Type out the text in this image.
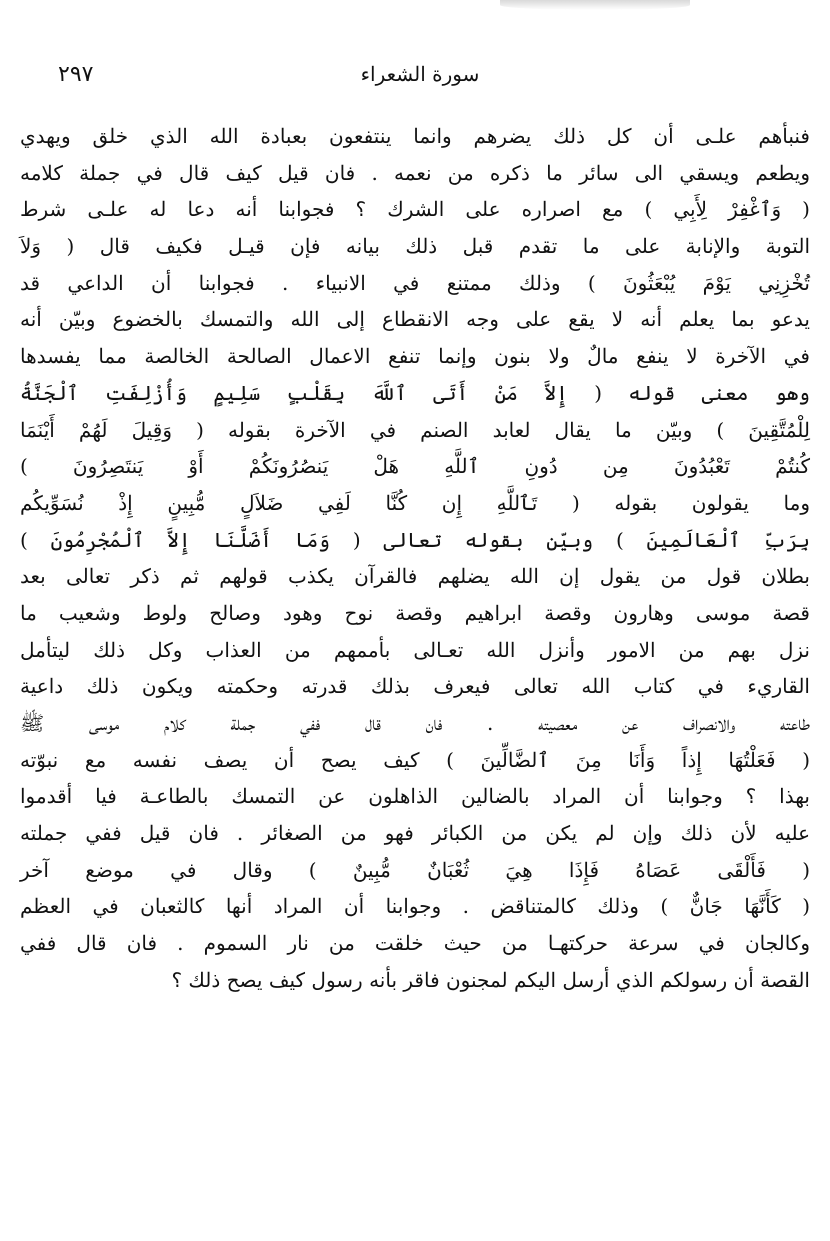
سورة الشعراء
٢٩٧
فنبأهم علـى أن كل ذلك يضرهم وانما ينتفعون بعبادة الله الذي خلق ويهدي
ويطعم ويسقي الى سائر ما ذكره من نعمه . فان قيل كيف قال في جملة كلامه
( وَٱغْفِرْ لِأَبِي ) مع اصراره على الشرك ؟ فجوابنا أنه دعا له علـى شرط
التوبة والإنابة على ما تقدم قبل ذلك بيانه فإن قيـل فكيف قال ( وَلاَ
تُخْزِنِي يَوْمَ يُبْعَثُونَ ) وذلك ممتنع في الانبياء . فجوابنا أن الداعي قد
يدعو بما يعلم أنه لا يقع على وجه الانقطاع إلى الله والتمسك بالخضوع وبيّن أنه
في الآخرة لا ينفع مالٌ ولا بنون وإنما تنفع الاعمال الصالحة الخالصة مما يفسدها
وهو معنى قوله ( إِلاَّ مَنْ أَتَى ٱللَّهَ بِقَلْبٍ سَلِيمٍ وَأُزْلِفَتِ ٱلْجَنَّةُ
لِلْمُتَّقِينَ ) وبيّن ما يقال لعابد الصنم في الآخرة بقوله ( وَقِيلَ لَهُمْ أَيْنَمَا
كُنتُمْ تَعْبُدُونَ مِن دُونِ ٱللَّهِ هَلْ يَنصُرُونَكُمْ أَوْ يَنتَصِرُونَ )
وما يقولون بقوله ( تَٱللَّهِ إِن كُنَّا لَفِي ضَلاَلٍ مُّبِينٍ إِذْ نُسَوِّيكُم
بِرَبِّ ٱلْعَالَمِينَ ) وبيّن بقوله تعالى ( وَمَا أَضَلَّنَا إِلاَّ ٱلْمُجْرِمُونَ )
بطلان قول من يقول إن الله يضلهم فالقرآن يكذب قولهم ثم ذكر تعالى بعد
قصة موسى وهارون وقصة ابراهيم وقصة نوح وهود وصالح ولوط وشعيب ما
نزل بهم من الامور وأنزل الله تعـالى بأممهم من العذاب وكل ذلك ليتأمل
القاريء في كتاب الله تعالى فيعرف بذلك قدرته وحكمته ويكون ذلك داعية
طاعته والانصراف عن معصيته . فان قال ففي جملة كلام موسى ﷺ
( فَعَلْتُهَا إِذاً وَأَنَا مِنَ ٱلضَّالِّينَ ) كيف يصح أن يصف نفسه مع نبوّته
بهذا ؟ وجوابنا أن المراد بالضالين الذاهلون عن التمسك بالطاعـة فيا أقدموا
عليه لأن ذلك وإن لم يكن من الكبائر فهو من الصغائر . فان قيل ففي جملته
( فَأَلْقَى عَصَاهُ فَإِذَا هِيَ ثُعْبَانٌ مُّبِينٌ ) وقال في موضع آخر
( كَأَنَّهَا جَانٌّ ) وذلك كالمتناقض . وجوابنا أن المراد أنها كالثعبان في العظم
وكالجان في سرعة حركتهـا من حيث خلقت من نار السموم . فان قال ففي
القصة أن رسولكم الذي أرسل اليكم لمجنون فاقر بأنه رسول كيف يصح ذلك ؟
